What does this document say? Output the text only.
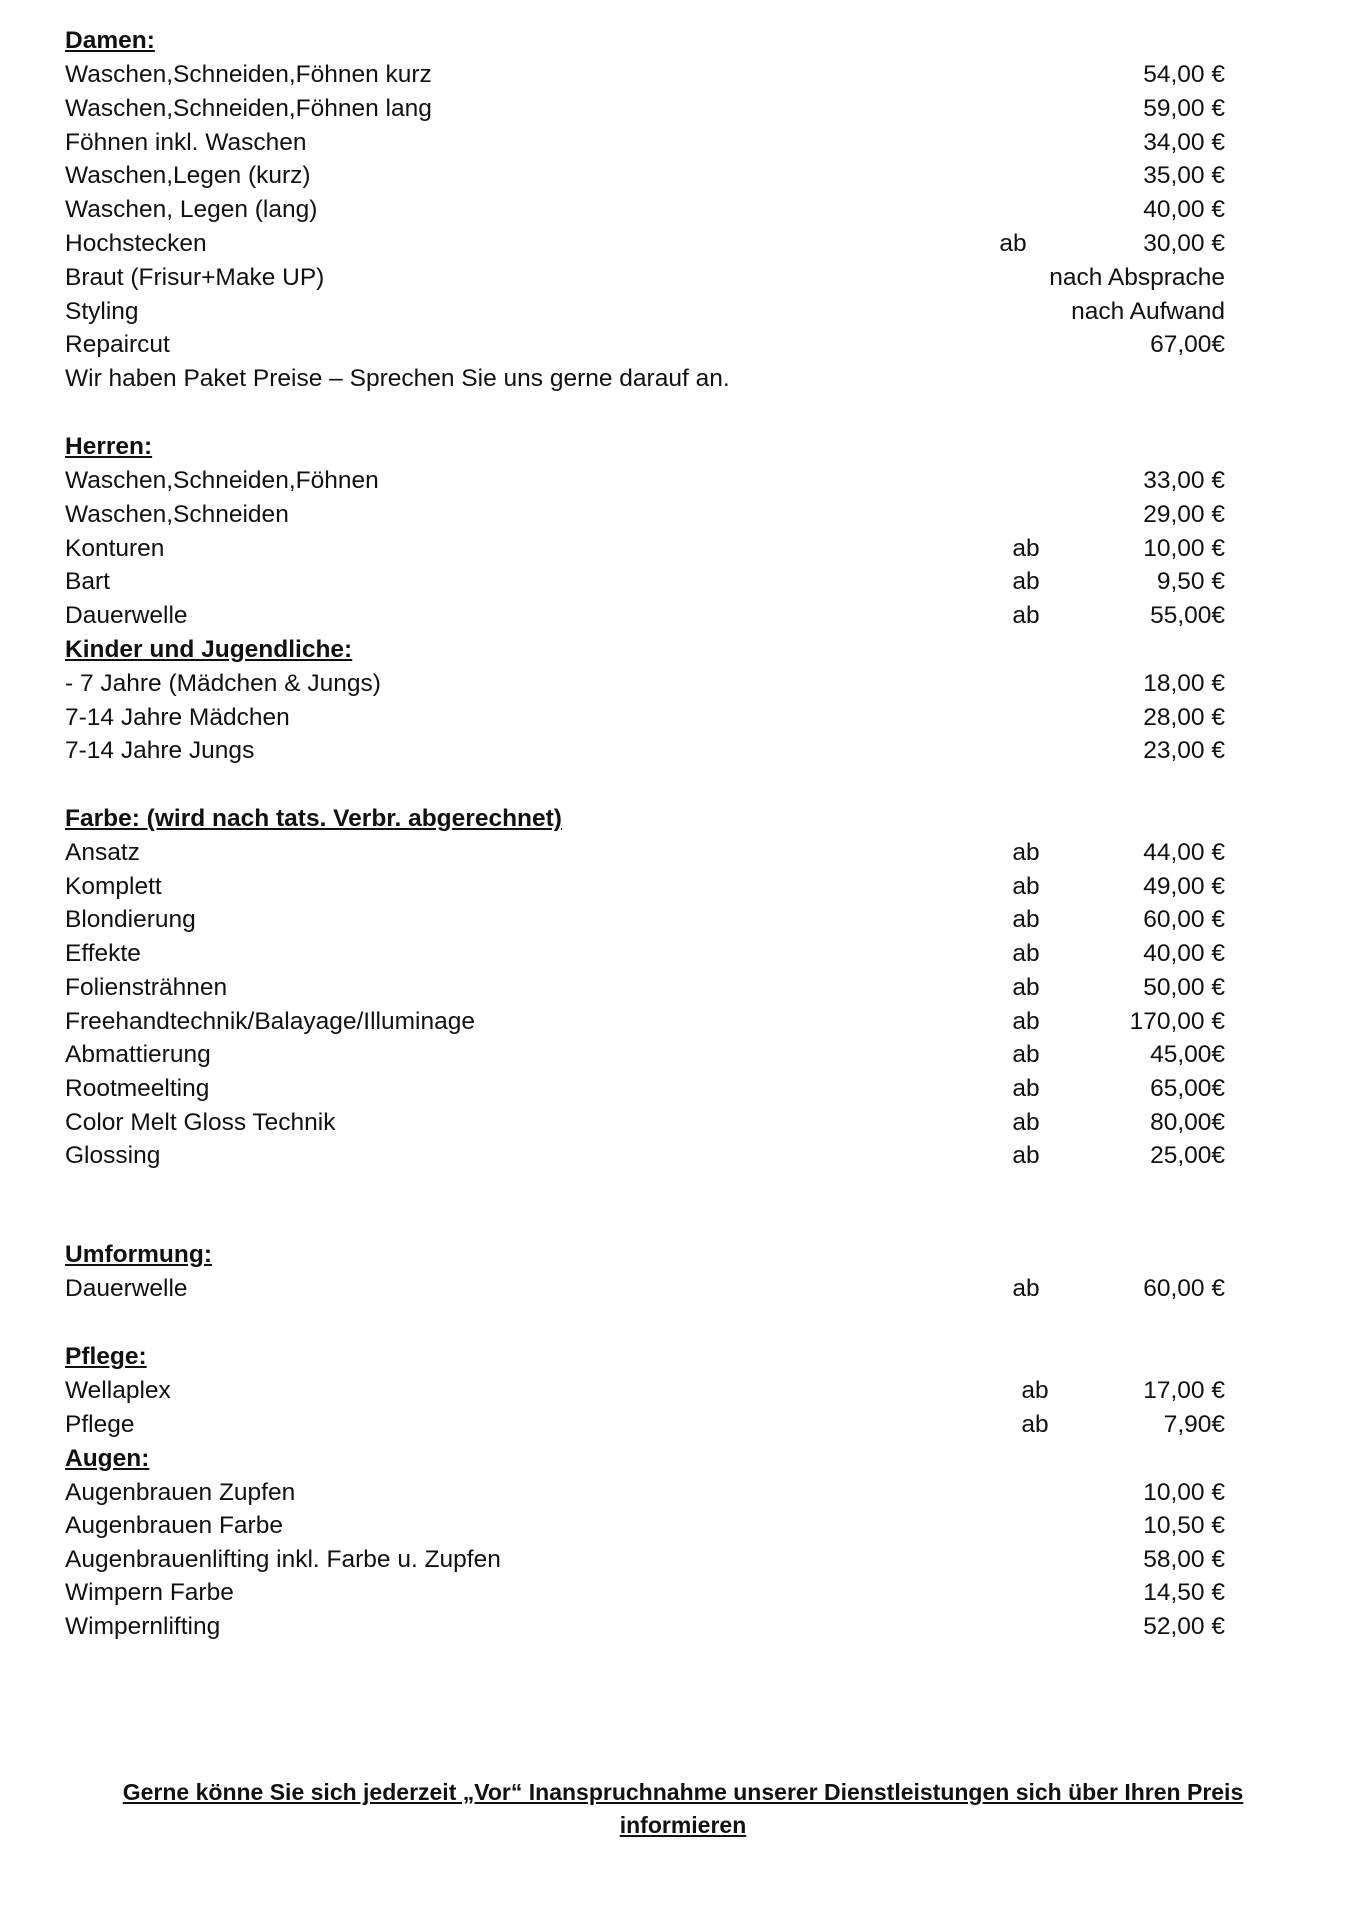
Damen:
Waschen,Schneiden,Föhnen kurz	54,00 €
Waschen,Schneiden,Föhnen lang	59,00 €
Föhnen inkl. Waschen	34,00 €
Waschen,Legen (kurz)	35,00 €
Waschen, Legen (lang)	40,00 €
Hochstecken	ab	30,00 €
Braut (Frisur+Make UP)	nach Absprache
Styling	nach Aufwand
Repaircut	67,00€
Wir haben Paket Preise – Sprechen Sie uns gerne darauf an.
Herren:
Waschen,Schneiden,Föhnen	33,00 €
Waschen,Schneiden	29,00 €
Konturen	ab	10,00 €
Bart	ab	9,50 €
Dauerwelle	ab	55,00€
Kinder und Jugendliche:
- 7 Jahre (Mädchen & Jungs)	18,00 €
7-14 Jahre Mädchen	28,00 €
7-14 Jahre Jungs	23,00 €
Farbe: (wird nach tats. Verbr. abgerechnet)
Ansatz	ab	44,00 €
Komplett	ab	49,00 €
Blondierung	ab	60,00 €
Effekte	ab	40,00 €
Foliensträhnen	ab	50,00 €
Freehandtechnik/Balayage/Illuminage	ab	170,00 €
Abmattierung	ab	45,00€
Rootmeelting	ab	65,00€
Color Melt Gloss Technik	ab	80,00€
Glossing	ab	25,00€
Umformung:
Dauerwelle	ab	60,00 €
Pflege:
Wellaplex	ab	17,00 €
Pflege	ab	7,90€
Augen:
Augenbrauen Zupfen	10,00 €
Augenbrauen Farbe	10,50 €
Augenbrauenlifting inkl. Farbe u. Zupfen	58,00 €
Wimpern Farbe	14,50 €
Wimpernlifting	52,00 €
Gerne könne Sie sich jederzeit „Vor“ Inanspruchnahme unserer Dienstleistungen sich über Ihren Preis
informieren
